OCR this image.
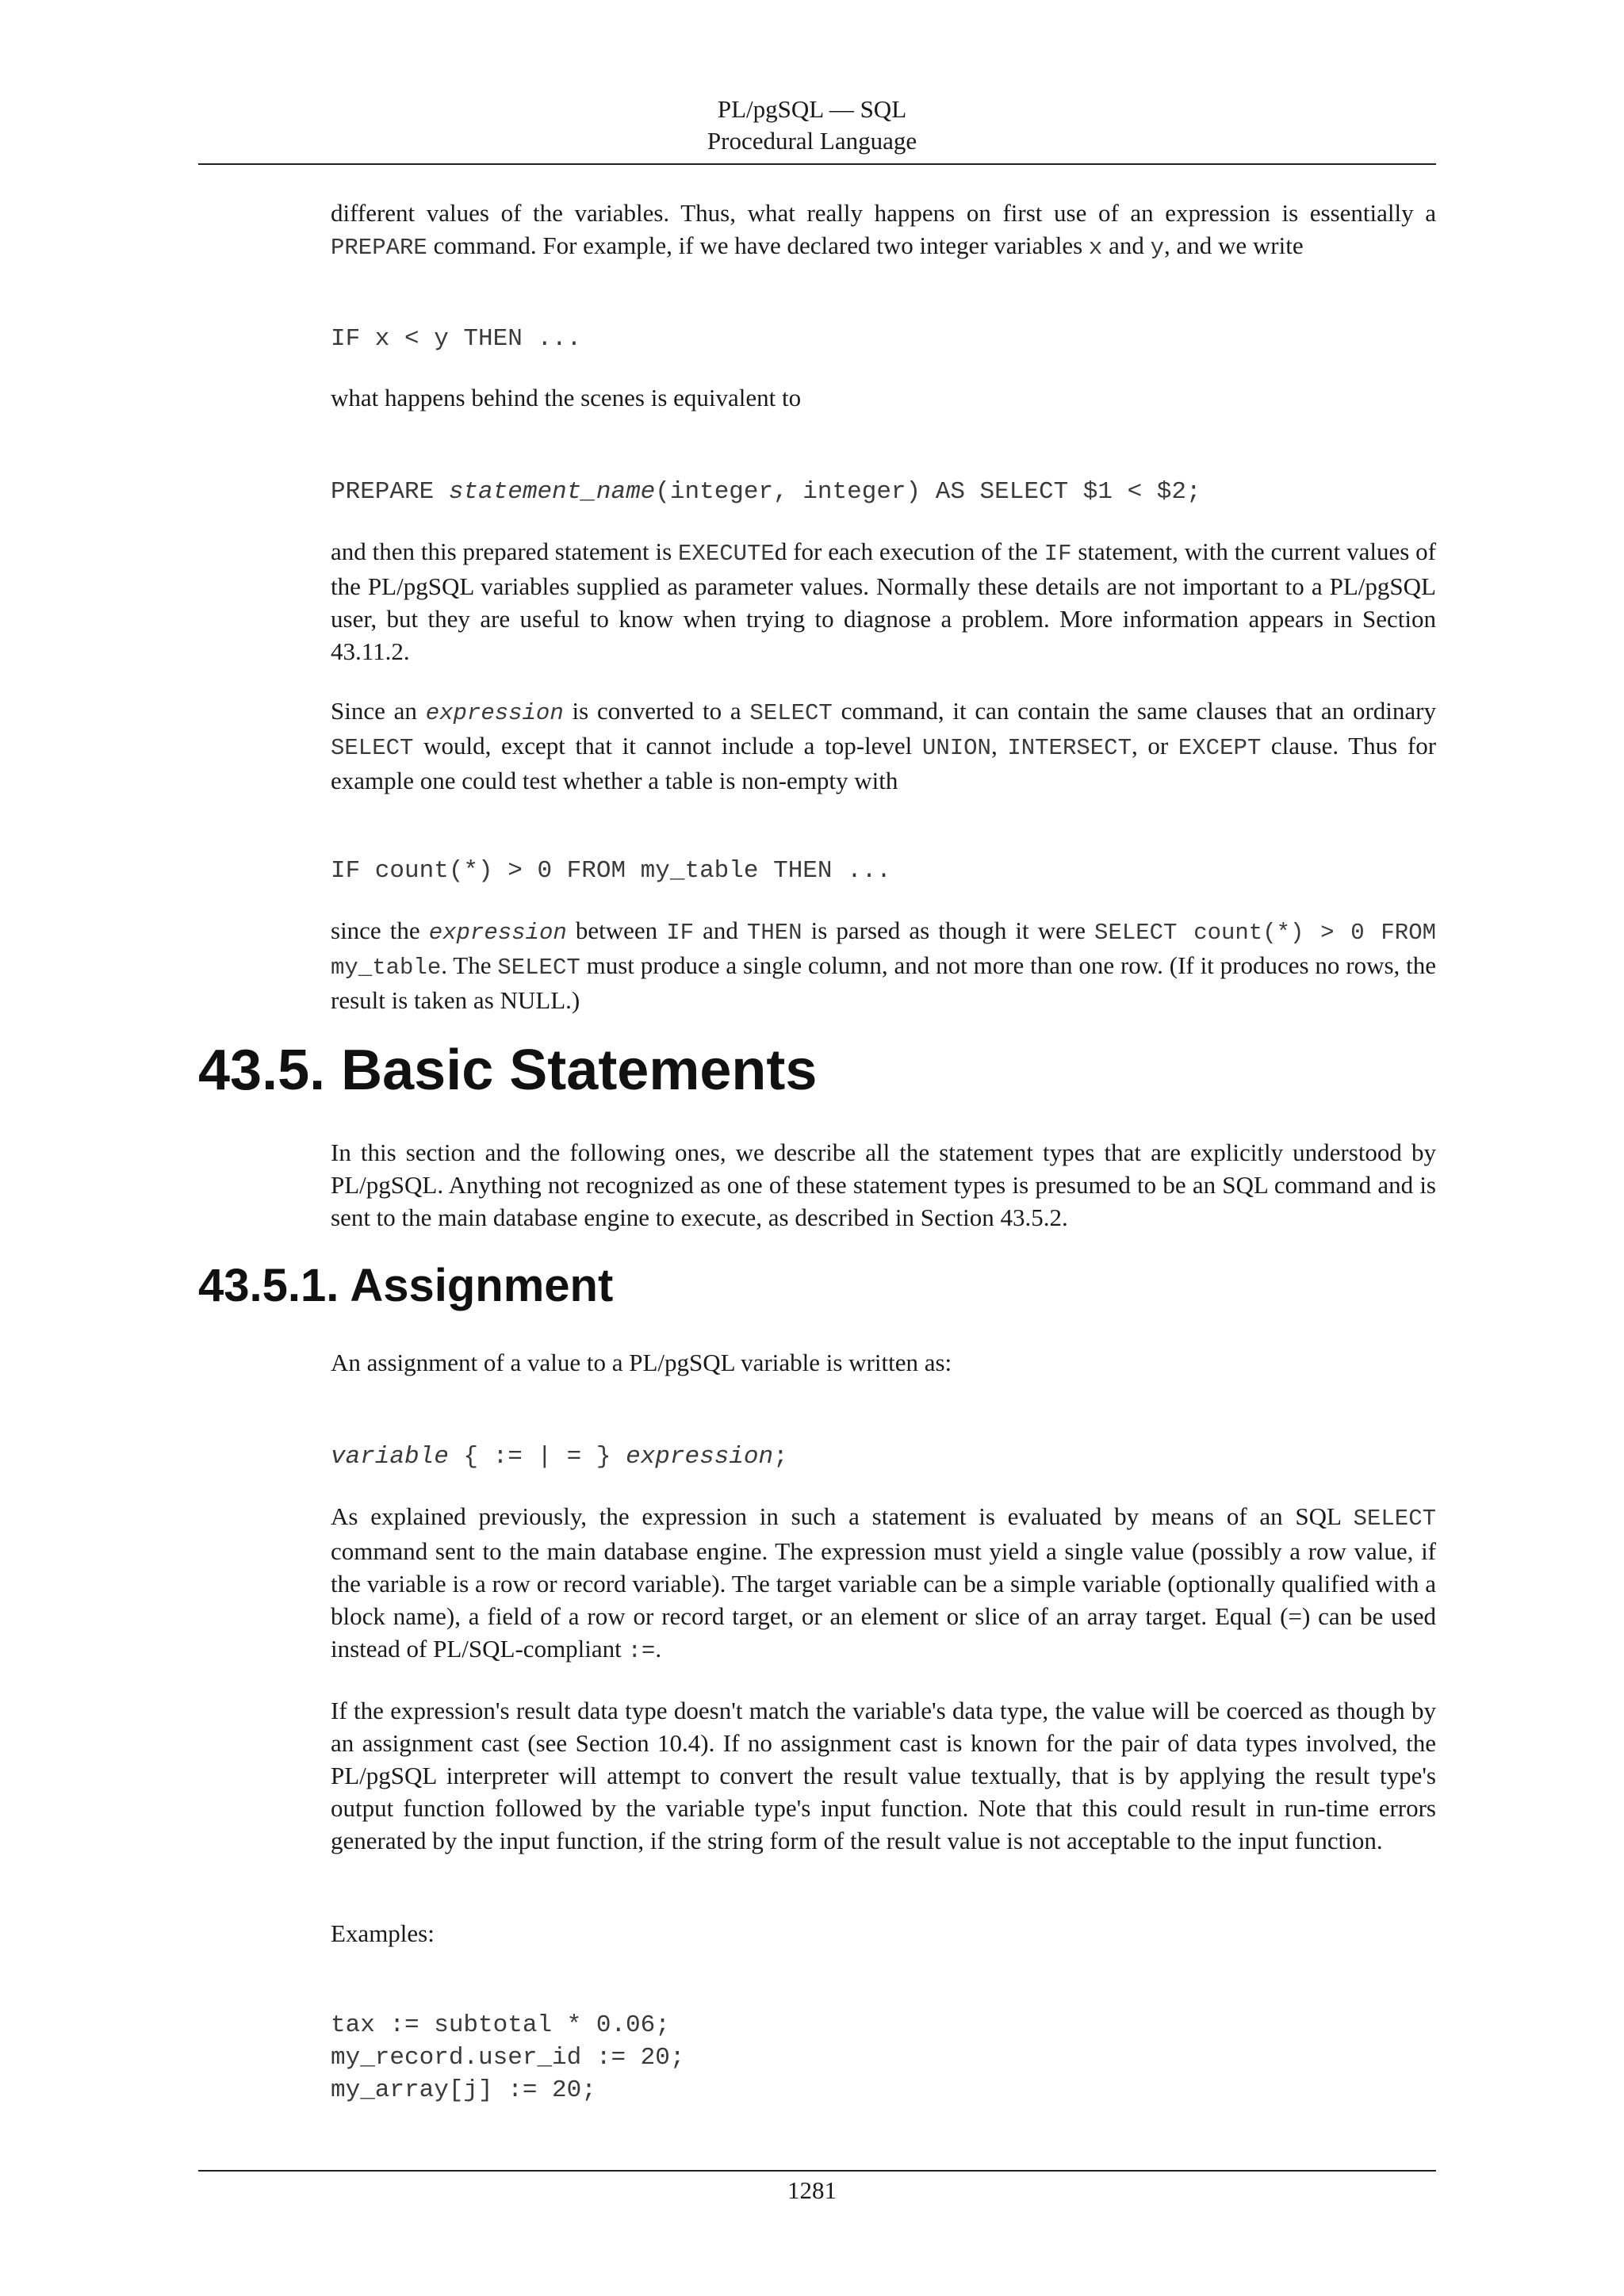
PL/pgSQL — SQL
Procedural Language

different values of the variables. Thus, what really happens on first use of an expression is essentially a PREPARE command. For example, if we have declared two integer variables x and y, and we write

IF x < y THEN ...

what happens behind the scenes is equivalent to

PREPARE statement_name(integer, integer) AS SELECT $1 < $2;

and then this prepared statement is EXECUTEd for each execution of the IF statement, with the current values of the PL/pgSQL variables supplied as parameter values. Normally these details are not important to a PL/pgSQL user, but they are useful to know when trying to diagnose a problem. More information appears in Section 43.11.2.

Since an expression is converted to a SELECT command, it can contain the same clauses that an ordinary SELECT would, except that it cannot include a top-level UNION, INTERSECT, or EXCEPT clause. Thus for example one could test whether a table is non-empty with

IF count(*) > 0 FROM my_table THEN ...

since the expression between IF and THEN is parsed as though it were SELECT count(*) > 0 FROM my_table. The SELECT must produce a single column, and not more than one row. (If it produces no rows, the result is taken as NULL.)

43.5. Basic Statements

In this section and the following ones, we describe all the statement types that are explicitly understood by PL/pgSQL. Anything not recognized as one of these statement types is presumed to be an SQL command and is sent to the main database engine to execute, as described in Section 43.5.2.

43.5.1. Assignment

An assignment of a value to a PL/pgSQL variable is written as:

variable { := | = } expression;

As explained previously, the expression in such a statement is evaluated by means of an SQL SELECT command sent to the main database engine. The expression must yield a single value (possibly a row value, if the variable is a row or record variable). The target variable can be a simple variable (optionally qualified with a block name), a field of a row or record target, or an element or slice of an array target. Equal (=) can be used instead of PL/SQL-compliant :=.

If the expression's result data type doesn't match the variable's data type, the value will be coerced as though by an assignment cast (see Section 10.4). If no assignment cast is known for the pair of data types involved, the PL/pgSQL interpreter will attempt to convert the result value textually, that is by applying the result type's output function followed by the variable type's input function. Note that this could result in run-time errors generated by the input function, if the string form of the result value is not acceptable to the input function.

Examples:

tax := subtotal * 0.06;
my_record.user_id := 20;
my_array[j] := 20;
1281
